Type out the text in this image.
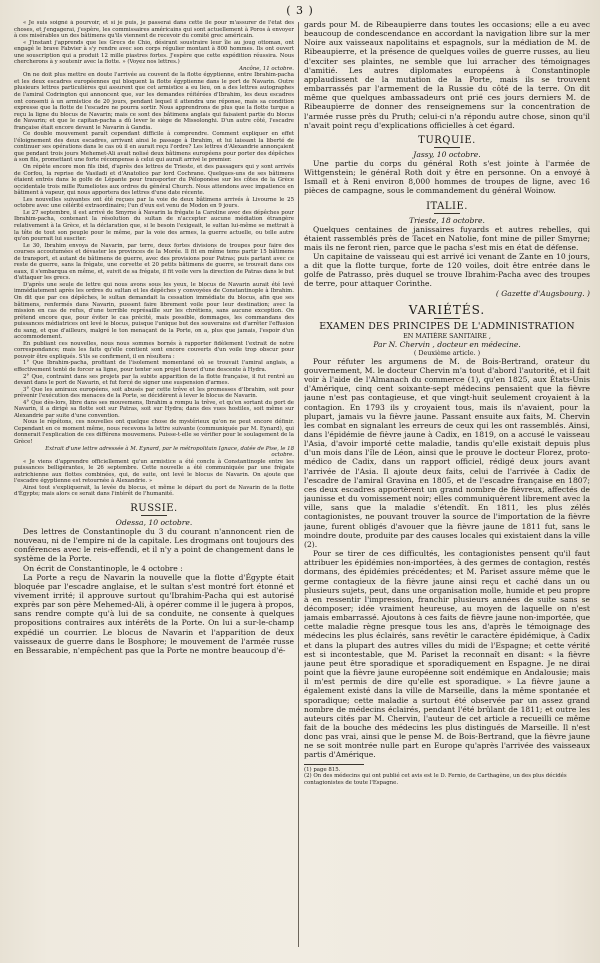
( 3 )

« Je suis soigné à pourvoir, et si je puis, je passerai dans cette île pour m'assurer de l'état des choses, et j'engagerai, j'espère, les commissaires américains qui sont actuellement à Poros à envoyer à ces misérables un des bâtimens qu'ils viennent de recevoir du comité grec américain.

« J'instant j'apprends que les Grecs de Chio, désirant soustraire leur île au joug ottoman, ont engagé le brave Fabvier à s'y rendre avec son corps régulier montant à 800 hommes. Ils ont ouvert une souscription qui a produit 12 mille piastres fortes. J'espère que cette expédition réussira. Nous chercherons à y soutenir avec la flotte. » (Voyez nos lettres.)

Ancône, 11 octobre.

On ne doit plus mettre en doute l'arrivée au couvent de la flotte égyptienne, entre Ibrahim-pacha et les deux escadres européennes qui bloquent la flotte égyptienne dans le port de Navarin. Outre plusieurs lettres particulières qui assurent que cet armistice a eu lieu, on a des lettres autographes de l'amiral Codrington qui annoncent que, sur les demandes réitérées d'Ibrahim, les deux escadres ont consenti à un armistice de 20 jours, pendant lequel il attendra une réponse, mais sa condition expresse que la flotte de l'escadre ne pourra sortir. Nous apprendrons de plus que la flotte turque a reçu la ligne du blocus de Navarin; mais ce sont des bâtimens anglais qui faisaient partie du blocus de Navarin; et que le capitan-pacha a dû lever le siège de Missolonghi. D'un autre côté, l'escadre française était encore devant le Navarin à Gandia.

Ce double mouvement paraît cependant difficile à comprendre. Comment expliquer en effet l'éloignement des deux escadres, arrivant ainsi le passage à Ibrahim, et lui laissant la liberté de continuer ses opérations dans le cas où il en aurait reçu l'ordre? Les lettres d'Alexandrie annonçaient que pendant trois jours Mehemet-Ali avait nolisé deux bâtimens européens pour porter des dépêches à son fils, promettant une forte récompense à celui qui aurait arrivé le premier.

On répète encore mon fils ibid, d'après des lettres de Trieste, et des passagers qui y sont arrivés de Corfou, la reprise de Vasiladi et d'Anatolico par lord Cochrane. Quelques-uns de ses bâtimens étaient entrés dans le golfe de Lépante pour transporter du Péloponèse sur les côtes de la Grèce occidentale trois mille Rumeliotes aux ordres du général Church. Nous attendons avec impatience en bâtiment à vapeur, qui nous apportera des lettres d'une date récente.

Les nouvelles suivantes ont été reçues par la voie de deux bâtimens arrivés à Livourne le 25 octobre avec une célérité extraordinaire; l'un d'eux est venu de Modon en 9 jours.

Le 27 septembre, il est arrivé de Smyrne à Navarin la frégate la Caroline avec des dépêches pour Ibrahim-pacha, contenant la résolution du sultan de n'accepter aucune médiation étrangère relativement à la Grèce, et la déclaration que, si le besoin l'exigeait, le sultan lui-même se mettrait à la tête de tout son peuple pour le même, par la voie des armes, la guerre actuelle, ou telle autre qu'on pourrait lui susciter.

Le 30, Ibrahim envoya de Navarin, par terre, deux fortes divisions de troupes pour faire des courses accoutumées et dévaster les provinces de la Morée. Il fit en même tems partir 15 bâtimens de transport, et autant de bâtimens de guerre, avec des provisions pour Patras; puis partant avec ce reste de guerre, sans la frégate, une corvette et 20 petits bâtimens de guerre, se trouvait dans ces eaux, il s'embarqua en même, et, suivit de sa frégate, il fit voile vers la direction de Patras dans le but d'attaquer les grecs.

D'après une seule de lettre qui nous avons sous les yeux, le blocus de Navarin aurait été levé immédiatement après les ordres du sultan et les dépêches y convoyées de Constantinople à Ibrahim. On dit que par ces dépêches, le sultan demandait la cessation immédiate du blocus, afin que ses bâtimens, renfermés dans Navarin, pussent faire librement voile pour leur destination; avec la mission en cas de refus, d'une terrible représaille sur les chrétiens, sans aucune exception. On prétend encore que, pour éviter le cas précité, mais possible, dommages, les commandans des puissances médiatrices ont levé le blocus, puisque l'unique but des souverains est d'arrêter l'effusion du sang, et que d'ailleurs, malgré le ton menaçant de la Porte, on a, plus que jamais, l'espoir d'un accommodement.

En publiant ces nouvelles, nous nous sommes bornés à rapporter fidèlement l'extrait de notre correspondance; mais les faits qu'elle contient sont encore couverts d'un voile trop obscur pour pouvoir être expliqués. S'ils se confirment, il en résultera :

1° Que Ibrahim-pacha, profitant de l'isolement momentané où se trouvait l'amiral anglais, a effectivement tenté de forcer sa ligne, pour tenter son projet favori d'une descente à Hydra.

2° Que, contraint dans ses projets par la subite apparition de la flotte française, il fut rentré au devant dans le port de Navarin, et fut forcé de signer une suspension d'armes.

3° Que les amiraux européens, soit abusés par cette trêve et les promesses d'Ibrahim, soit pour prévenir l'exécution des menaces de la Porte, se décidèrent à lever le blocus de Navarin.

4° Que dès-lors, libre dans ses mouvemens, Ibrahim a rompu la trêve, et qu'en sortant du port de Navarin, il a dirigé sa flotte soit sur Patras, soit sur Hydra; dans des vues hostiles, soit même sur Alexandrie par suite d'une convention.

Nous le répétons, ces nouvelles ont quelque chose de mystérieux qu'on ne peut encore définir. Cependant en ce moment même, nous recevons la lettre suivante (communiquée par M. Eynard), qui donnerait l'explication de ces différens mouvemens. Puisse-t-elle se vérifier pour le soulagement de la Grèce!

Extrait d'une lettre adressée à M. Eynard, par le métropolitain Ignace, datée de Pise, le 18 octobre.

« Je viens d'apprendre officiellement qu'un armistice a été conclu à Constantinople entre les puissances belligérantes, le 26 septembre. Cette nouvelle a été communiquée par une frégate autrichienne aux flottes combinées, qui, de suite, ont levé le blocus de Navarin. On ajoute que l'escadre égyptienne est retournée à Alexandrie. »

Ainsi tout s'expliquerait, la levée du blocus, et même le départ du port de Navarin de la flotte d'Égypte; mais alors ce serait dans l'intérêt de l'humanité.

RUSSIE.

Odessa, 10 octobre.

Des lettres de Constantinople du 3 du courant n'annoncent rien de nouveau, ni de l'empire ni de la capitale. Les drogmans ont toujours des conférences avec le reis-effendi, et il n'y a point de changement dans le système de la Porte.

On écrit de Constantinople, le 4 octobre :

La Porte a reçu de Navarin la nouvelle que la flotte d'Égypte était bloquée par l'escadre anglaise, et le sultan s'est montré fort étonné et vivement irrité; il approuve surtout qu'Ibrahim-Pacha qui est autorisé exprès par son père Mehemed-Ali, à opérer comme il le jugera à propos, sans rendre compte qu'à lui de sa conduite, ne consente à quelques propositions contraires aux intérêts de la Porte. On lui a sur-le-champ expédié un courrier. Le blocus de Navarin et l'apparition de deux vaisseaux de guerre dans le Bosphore; le mouvement de l'armée russe en Bessarabie, n'empêchent pas que la Porte ne montre beaucoup d'é-

gards pour M. de Ribeaupierre dans toutes les occasions; elle a eu avec beaucoup de condescendance en accordant la navigation libre sur la mer Noire aux vaisseaux napolitains et espagnols, sur la médiation de M. de Ribeaupierre, et la présence de quelques voiles de guerre russes, au lieu d'exciter ses plaintes, ne semble que lui arracher des témoignages d'amitié. Les autres diplomates européens à Constantinople applaudissent de la mutation de la Porte, mais ils se trouvent embarrassés par l'armement de la Russie du côté de la terre. On dit même que quelques ambassadeurs ont prié ces jours derniers M. de Ribeaupierre de donner des renseignemens sur la concentration de l'armée russe près du Pruth; celui-ci n'a répondu autre chose, sinon qu'il n'avait point reçu d'explications officielles à cet égard.

TURQUIE.

Jassy, 10 octobre.

Une partie du corps du général Roth s'est jointe à l'armée de Wittgenstein; le général Roth doit y être en personne. On a envoyé à Ismaïl et à Reni environ 8,000 hommes de troupes de ligne, avec 16 pièces de campagne, sous le commandement du général Woinow.

ITALIE.

Trieste, 18 octobre.

Quelques centaines de janissaires fuyards et autres rebelles, qui étaient rassemblés près de Tacet en Natolie, font mine de piller Smyrne; mais ils ne feront rien, parce que le pacha s'est mis en état de défense.

Un capitaine de vaisseau qui est arrivé ici venant de Zante en 10 jours, a dit que la flotte turque, forte de 120 voiles, doit être entrée dans le golfe de Patrasso, près duquel se trouve Ibrahim-Pacha avec des troupes de terre, pour attaquer Corinthe.

( Gazette d'Augsbourg. )

VARIÉTÉS.

EXAMEN DES PRINCIPES DE L'ADMINISTRATION

EN MATIÈRE SANITAIRE ,

Par N. Chervin , docteur en médecine.

( Deuxième article. )

Pour réfuter les argumens de M. de Bois-Bertrand, orateur du gouvernement, M. le docteur Chervin m'a tout d'abord l'autorité, et il fait voir à l'aide de l'Almanach du commerce (1), qu'en 1825, aux États-Unis d'Amérique, cinq cent soixante-sept médecins pensaient que la fièvre jaune n'est pas contagieuse, et que vingt-huit seulement croyaient à la contagion. En 1793 ils y croyaient tous, mais ils n'avaient, pour la plupart, jamais vu la fièvre jaune. Passant ensuite aux faits, M. Chervin les combat en signalant les erreurs de ceux qui les ont rassemblés. Ainsi, dans l'épidémie de fièvre jaune à Cadix, en 1819, on a accusé le vaisseau l'Asia, d'avoir importé cette maladie, tandis qu'elle existait depuis plus d'un mois dans l'île de Léon, ainsi que le prouve le docteur Florez, proto-médico de Cadix, dans un rapport officiel, rédigé deux jours avant l'arrivée de l'Asia. Il ajoute deux faits, celui de l'arrivée à Cadix de l'escadre de l'amiral Gravina en 1805, et de l'escadre française en 1807; ces deux escadres apportèrent un grand nombre de fièvreux, affectés de jaunisse et du vomissement noir; elles communiquèrent librement avec la ville, sans que la maladie s'étendît. En 1811, les plus zélés contagionistes, ne pouvant trouver la source de l'importation de la fièvre jaune, furent obligés d'avouer que la fièvre jaune de 1811 fut, sans le moindre doute, produite par des causes locales qui existaient dans la ville (2).

Pour se tirer de ces difficultés, les contagionistes pensent qu'il faut attribuer les épidémies non-importées, à des germes de contagion, restés dormans, des épidémies précédentes; et M. Pariset assure même que le germe contagieux de la fièvre jaune ainsi reçu et caché dans un ou plusieurs sujets, peut, dans une organisation molle, humide et peu propre à en ressentir l'impression, franchir plusieurs années de suite sans se décomposer; idée vraiment heureuse, au moyen de laquelle on n'est jamais embarrassé. Ajoutons à ces faits de fièvre jaune non-importée, que cette maladie règne presque tous les ans, d'après le témoignage des médecins les plus éclairés, sans revêtir le caractère épidémique, à Cadix et dans la plupart des autres villes du midi de l'Espagne; et cette vérité est si incontestable, que M. Pariset la reconnaît en disant: « la fièvre jaune peut être sporadique et sporadiquement en Espagne. Je ne dirai point que la fièvre jaune européenne soit endémique en Andalousie; mais il m'est permis de dire qu'elle est sporadique. » La fièvre jaune a également existé dans la ville de Marseille, dans la même spontanée et sporadique; cette maladie a surtout été observée par un assez grand nombre de médecins éclairés, pendant l'été brûlant de 1811; et outre les auteurs cités par M. Chervin, l'auteur de cet article a recueilli ce même fait de la bouche des médecins les plus distingués de Marseille. Il n'est donc pas vrai, ainsi que le pense M. de Bois-Bertrand, que la fièvre jaune ne se soit montrée nulle part en Europe qu'après l'arrivée des vaisseaux partis d'Amérique.

(1) page 815.

(2) On des médecins qui ont publié cet avis est le D. Fernio, de Carthagène, un des plus décidés contagionistes de toute l'Espagne.
